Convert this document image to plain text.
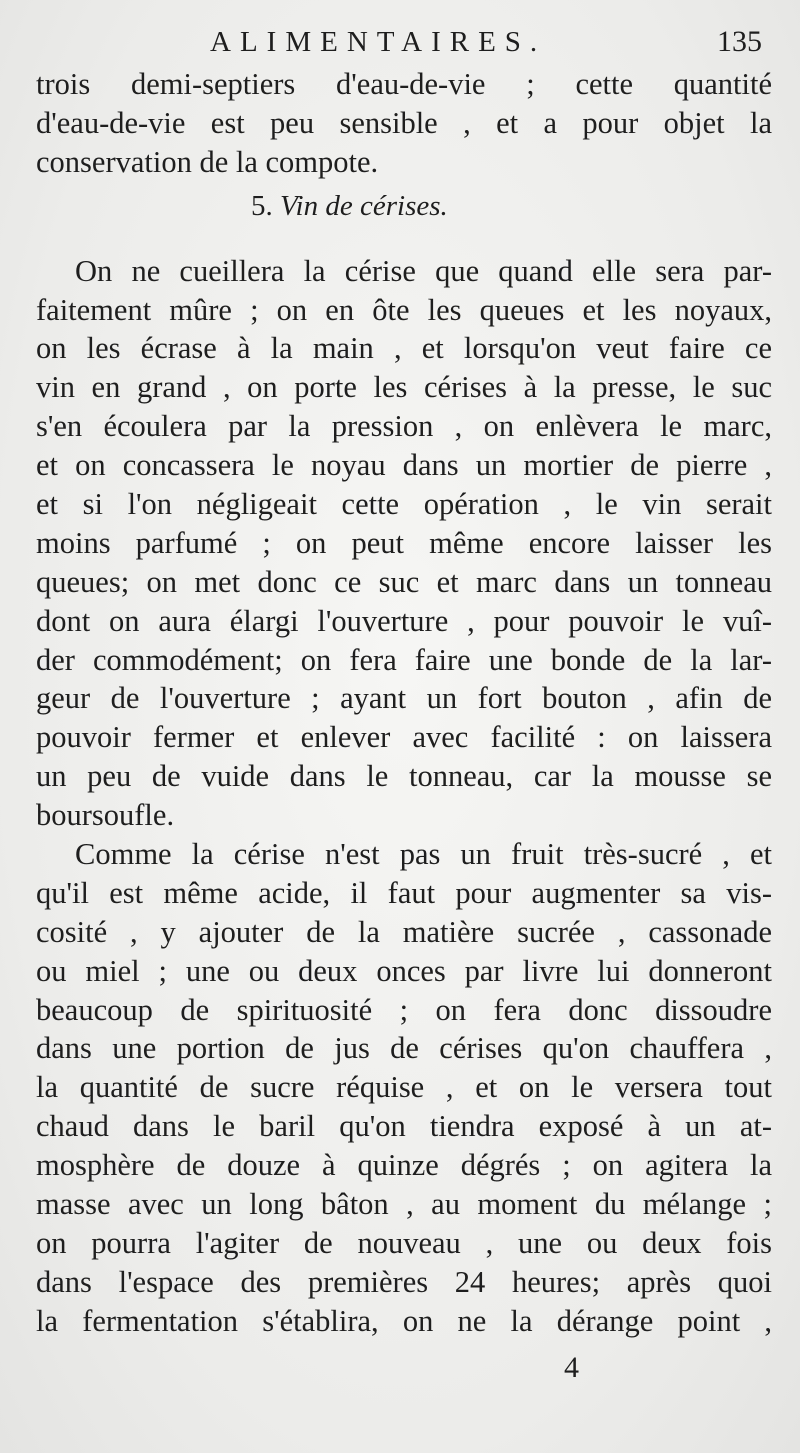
ALIMENTAIRES.	135
trois demi-septiers d'eau-de-vie ; cette quantité
d'eau-de-vie est peu sensible , et a pour objet la
conservation de la compote.
5. Vin de cérises.
On ne cueillera la cérise que quand elle sera par-
faitement mûre ; on en ôte les queues et les noyaux,
on les écrase à la main , et lorsqu'on veut faire ce
vin en grand , on porte les cérises à la presse, le suc
s'en écoulera par la pression , on enlèvera le marc,
et on concassera le noyau dans un mortier de pierre ,
et si l'on négligeait cette opération , le vin serait
moins parfumé ; on peut même encore laisser les
queues; on met donc ce suc et marc dans un tonneau
dont on aura élargi l'ouverture , pour pouvoir le vuî-
der commodément; on fera faire une bonde de la lar-
geur de l'ouverture ; ayant un fort bouton , afin de
pouvoir fermer et enlever avec facilité : on laissera
un peu de vuide dans le tonneau, car la mousse se
boursoufle.
Comme la cérise n'est pas un fruit très-sucré , et
qu'il est même acide, il faut pour augmenter sa vis-
cosité , y ajouter de la matière sucrée , cassonade
ou miel ; une ou deux onces par livre lui donneront
beaucoup de spirituosité ; on fera donc dissoudre
dans une portion de jus de cérises qu'on chauffera ,
la quantité de sucre réquise , et on le versera tout
chaud dans le baril qu'on tiendra exposé à un at-
mosphère de douze à quinze dégrés ; on agitera la
masse avec un long bâton , au moment du mélange ;
on pourra l'agiter de nouveau , une ou deux fois
dans l'espace des premières 24 heures; après quoi
la fermentation s'établira, on ne la dérange point ,
4
